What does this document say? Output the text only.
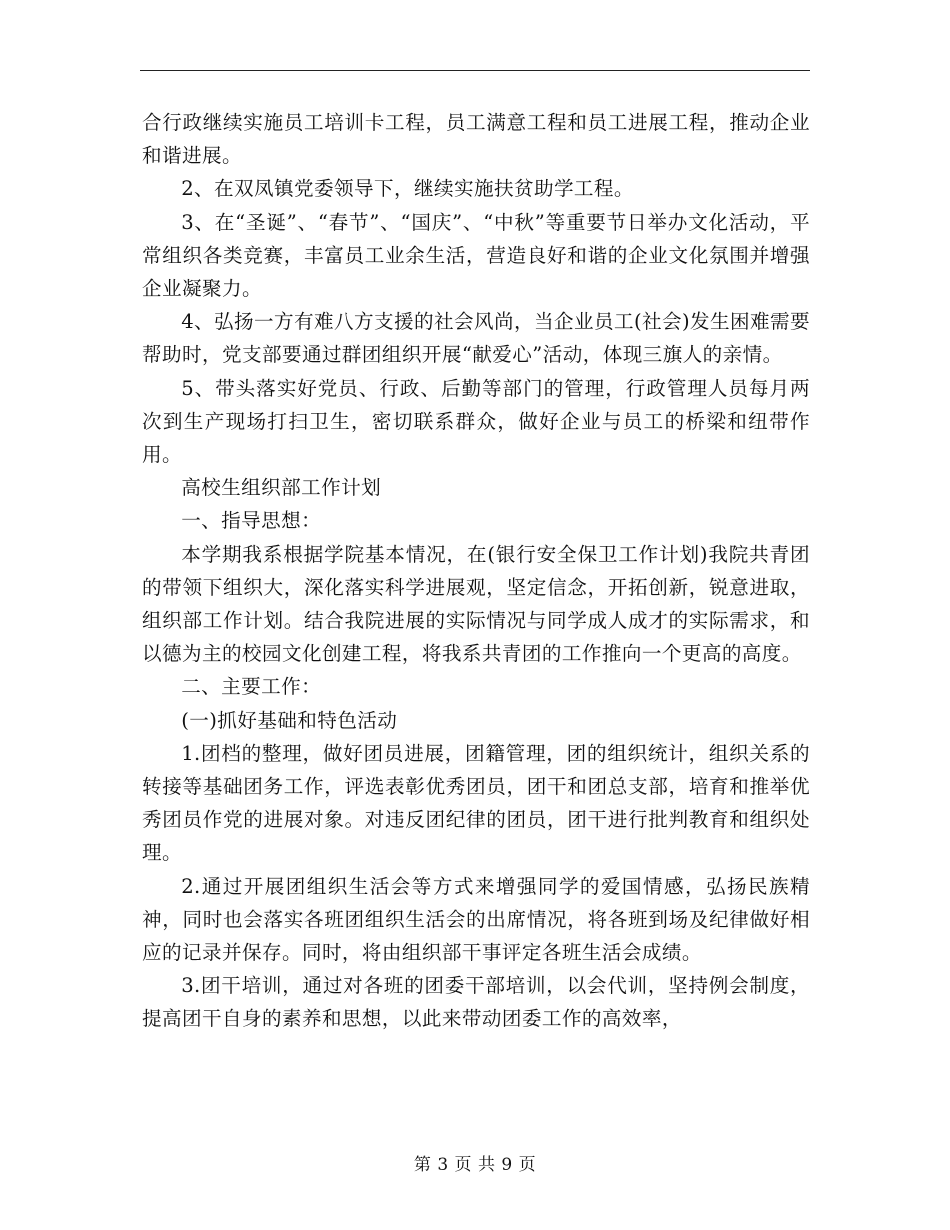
合行政继续实施员工培训卡工程，员工满意工程和员工进展工程，推动企业和谐进展。

2、在双凤镇党委领导下，继续实施扶贫助学工程。

3、在“圣诞”、“春节”、“国庆”、“中秋”等重要节日举办文化活动，平常组织各类竞赛，丰富员工业余生活，营造良好和谐的企业文化氛围并增强企业凝聚力。

4、弘扬一方有难八方支援的社会风尚，当企业员工(社会)发生困难需要帮助时，党支部要通过群团组织开展“献爱心”活动，体现三旗人的亲情。

5、带头落实好党员、行政、后勤等部门的管理，行政管理人员每月两次到生产现场打扫卫生，密切联系群众，做好企业与员工的桥梁和纽带作用。

高校生组织部工作计划

一、指导思想：

本学期我系根据学院基本情况，在(银行安全保卫工作计划)我院共青团的带领下组织大，深化落实科学进展观，坚定信念，开拓创新，锐意进取，组织部工作计划。结合我院进展的实际情况与同学成人成才的实际需求，和以德为主的校园文化创建工程，将我系共青团的工作推向一个更高的高度。

二、主要工作：

(一)抓好基础和特色活动

1.团档的整理，做好团员进展，团籍管理，团的组织统计，组织关系的转接等基础团务工作，评选表彰优秀团员，团干和团总支部，培育和推举优秀团员作党的进展对象。对违反团纪律的团员，团干进行批判教育和组织处理。

2.通过开展团组织生活会等方式来增强同学的爱国情感，弘扬民族精神，同时也会落实各班团组织生活会的出席情况，将各班到场及纪律做好相应的记录并保存。同时，将由组织部干事评定各班生活会成绩。

3.团干培训，通过对各班的团委干部培训，以会代训，坚持例会制度，提高团干自身的素养和思想，以此来带动团委工作的高效率，

第 3 页 共 9 页
